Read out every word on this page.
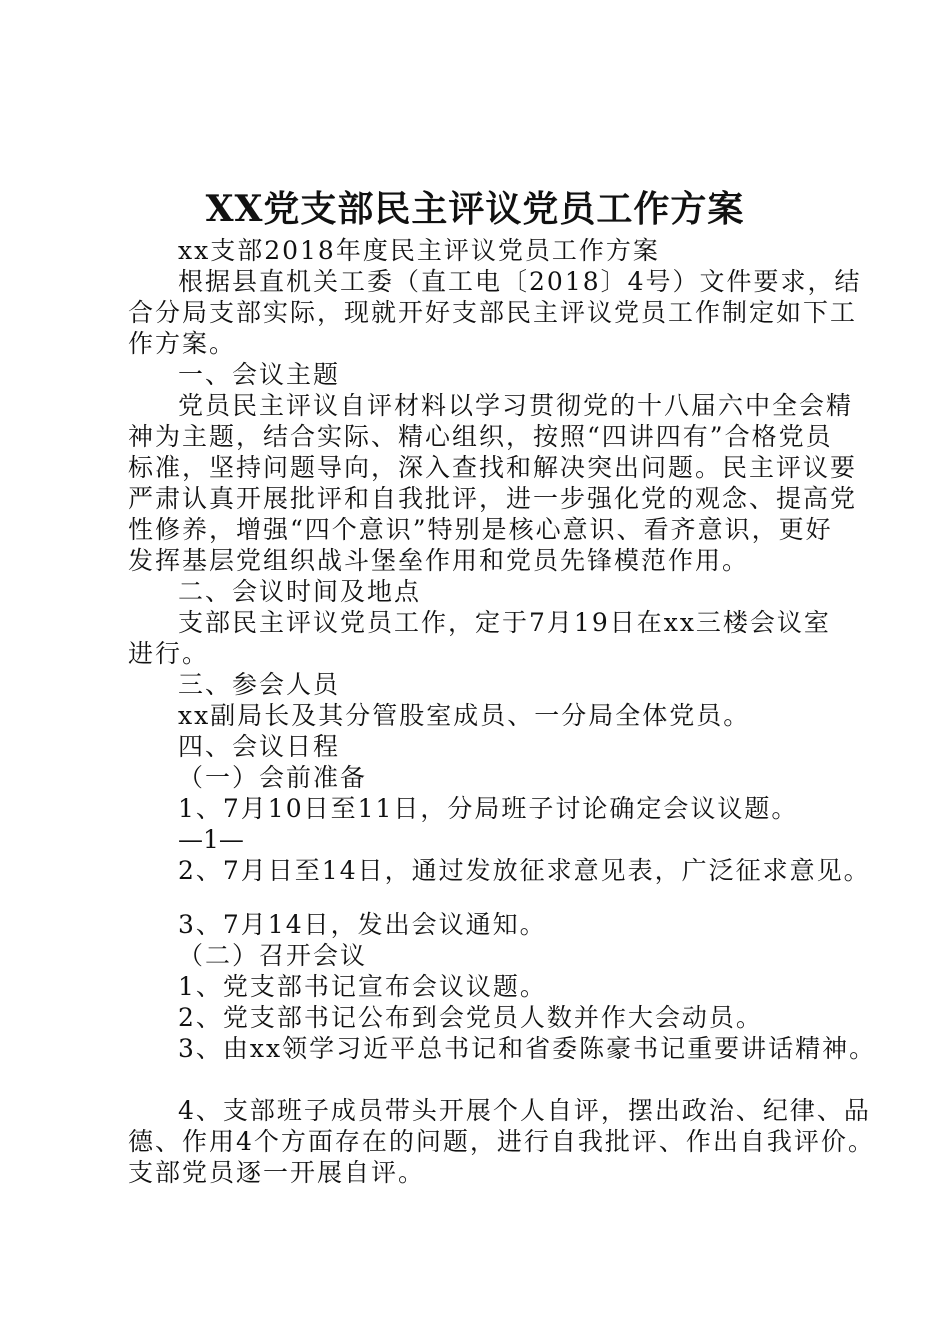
XX党支部民主评议党员工作方案
xx支部2018年度民主评议党员工作方案
根据县直机关工委（直工电〔2018〕4号）文件要求，结
合分局支部实际，现就开好支部民主评议党员工作制定如下工
作方案。
一、会议主题
党员民主评议自评材料以学习贯彻党的十八届六中全会精
神为主题，结合实际、精心组织，按照“四讲四有”合格党员
标准，坚持问题导向，深入查找和解决突出问题。民主评议要
严肃认真开展批评和自我批评，进一步强化党的观念、提高党
性修养，增强“四个意识”特别是核心意识、看齐意识，更好
发挥基层党组织战斗堡垒作用和党员先锋模范作用。
二、会议时间及地点
支部民主评议党员工作，定于7月19日在xx三楼会议室
进行。
三、参会人员
xx副局长及其分管股室成员、一分局全体党员。
四、会议日程
（一）会前准备
1、7月10日至11日，分局班子讨论确定会议议题。
—1—
2、7月日至14日，通过发放征求意见表，广泛征求意见。
3、7月14日，发出会议通知。
（二）召开会议
1、党支部书记宣布会议议题。
2、党支部书记公布到会党员人数并作大会动员。
3、由xx领学习近平总书记和省委陈豪书记重要讲话精神。
4、支部班子成员带头开展个人自评，摆出政治、纪律、品
德、作用4个方面存在的问题，进行自我批评、作出自我评价。
支部党员逐一开展自评。
